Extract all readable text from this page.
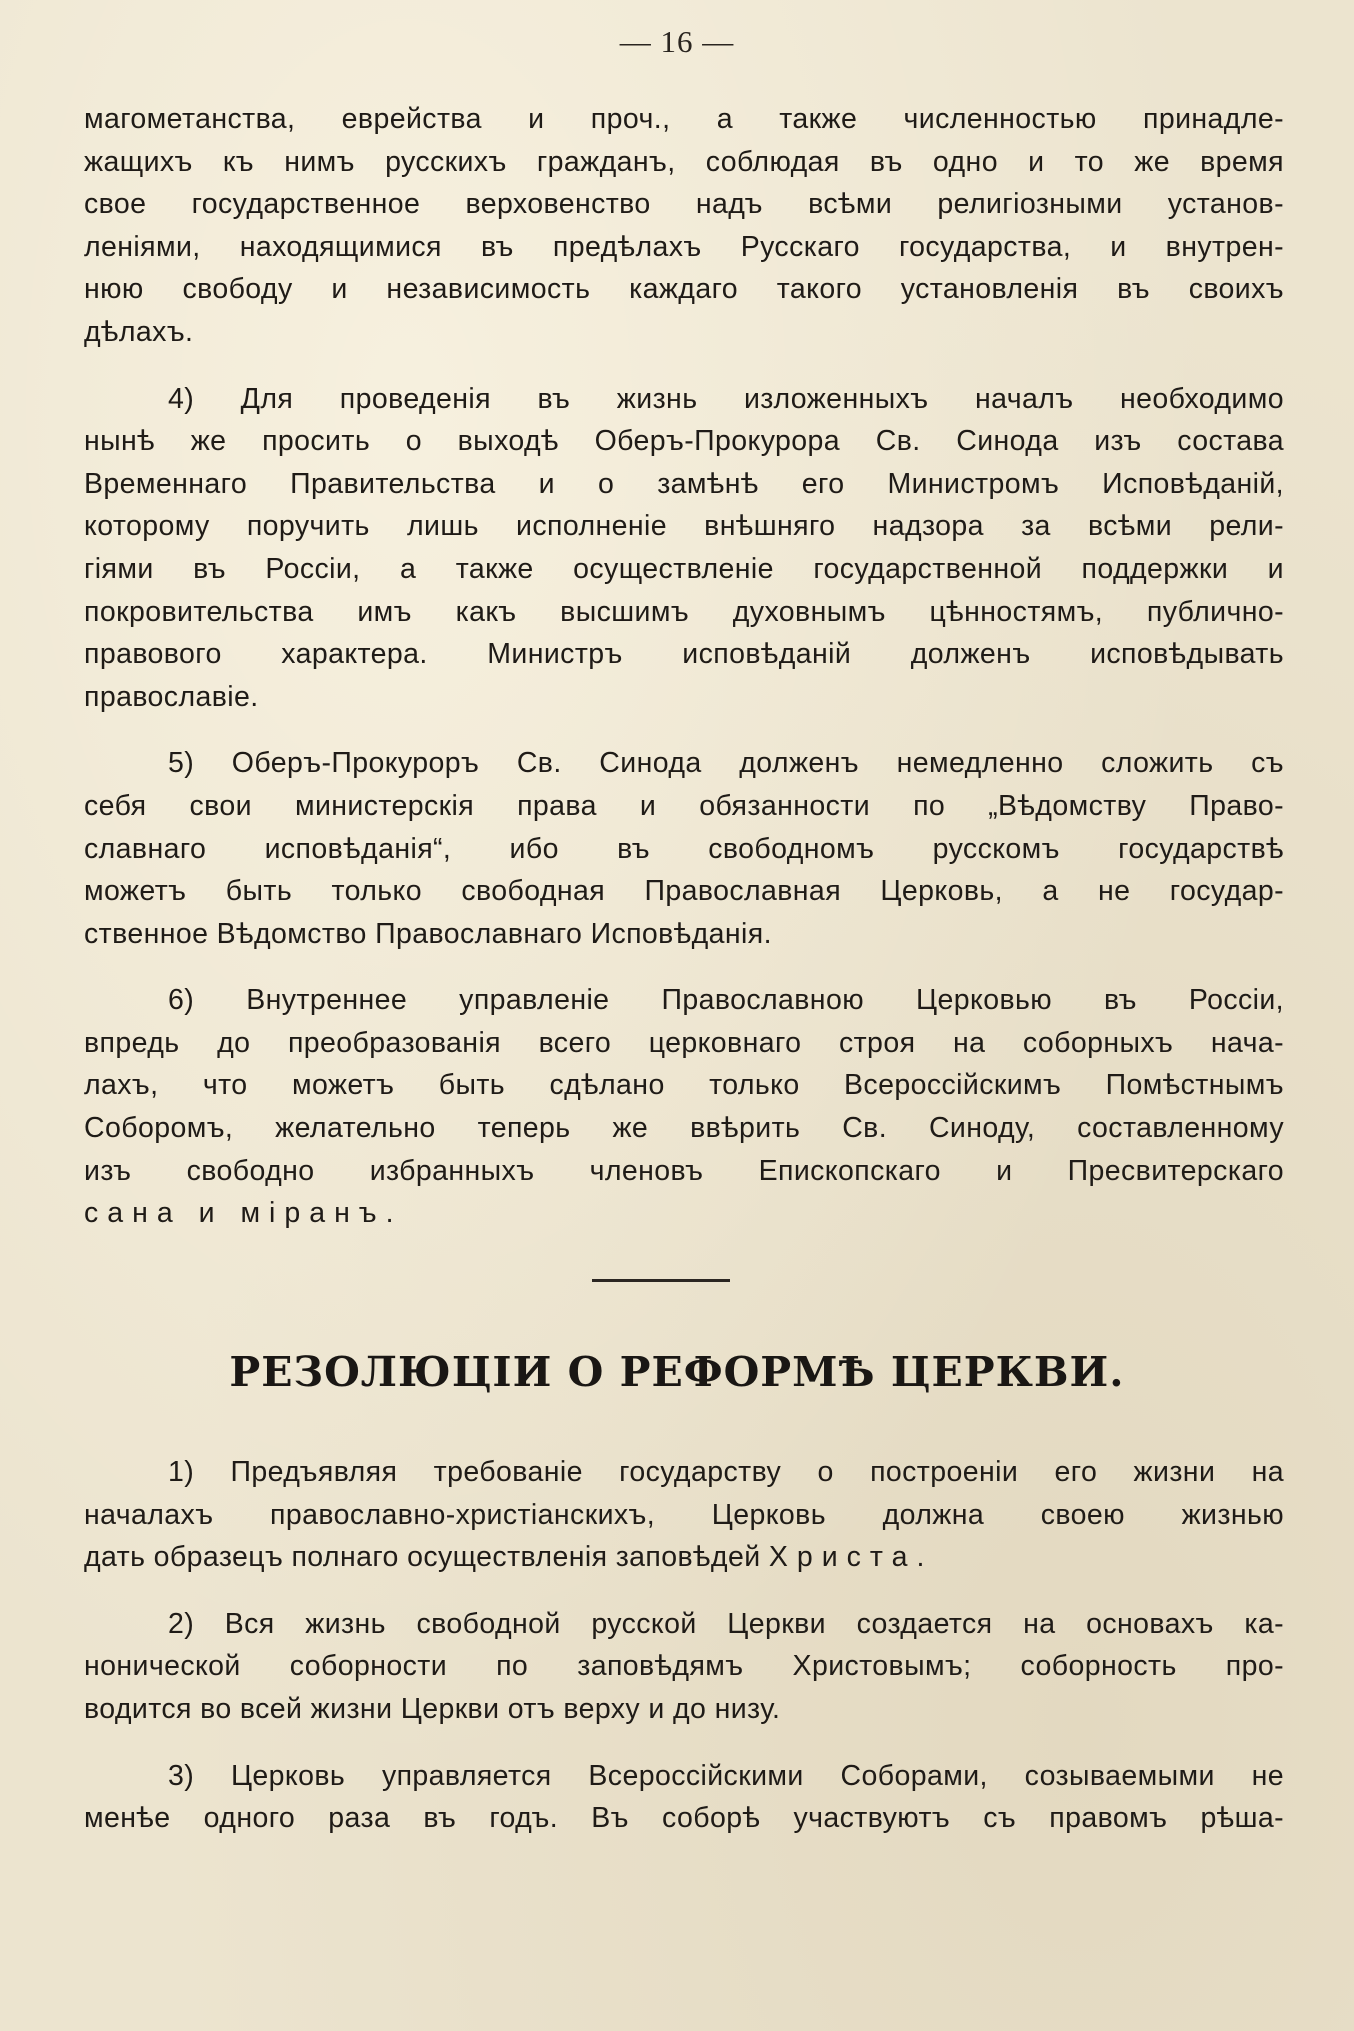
— 16 —

магометанства, еврейства и проч., а также численностью принадле-
жащихъ къ нимъ русскихъ гражданъ, соблюдая въ одно и то же время
свое государственное верховенство надъ всѣми религіозными установ-
леніями, находящимися въ предѣлахъ Русскаго государства, и внутрен-
нюю свободу и независимость каждаго такого установленія въ своихъ
дѣлахъ.

4) Для проведенія въ жизнь изложенныхъ началъ необходимо
нынѣ же просить о выходѣ Оберъ-Прокурора Св. Синода изъ состава
Временнаго Правительства и о замѣнѣ его Министромъ Исповѣданій,
которому поручить лишь исполненіе внѣшняго надзора за всѣми рели-
гіями въ Россіи, а также осуществленіе государственной поддержки и
покровительства имъ какъ высшимъ духовнымъ цѣнностямъ, публично-
правового характера. Министръ исповѣданій долженъ исповѣдывать
православіе.

5) Оберъ-Прокуроръ Св. Синода долженъ немедленно сложить съ
себя свои министерскія права и обязанности по „Вѣдомству Право-
славнаго исповѣданія“, ибо въ свободномъ русскомъ государствѣ
можетъ быть только свободная Православная Церковь, а не государ-
ственное Вѣдомство Православнаго Исповѣданія.

6) Внутреннее управленіе Православною Церковью въ Россіи,
впредь до преобразованія всего церковнаго строя на соборныхъ нача-
лахъ, что можетъ быть сдѣлано только Всероссійскимъ Помѣстнымъ
Соборомъ, желательно теперь же ввѣрить Св. Синоду, составленному
изъ свободно избранныхъ членовъ Епископскаго и Пресвитерскаго
сана и міранъ.

РЕЗОЛЮЦІИ О РЕФОРМѢ ЦЕРКВИ.

1) Предъявляя требованіе государству о построеніи его жизни на
началахъ православно-христіанскихъ, Церковь должна своею жизнью
дать образецъ полнаго осуществленія заповѣдей Христа.

2) Вся жизнь свободной русской Церкви создается на основахъ ка-
нонической соборности по заповѣдямъ Христовымъ; соборность про-
водится во всей жизни Церкви отъ верху и до низу.

3) Церковь управляется Всероссійскими Соборами, созываемыми не
менѣе одного раза въ годъ. Въ соборѣ участвуютъ съ правомъ рѣша-
